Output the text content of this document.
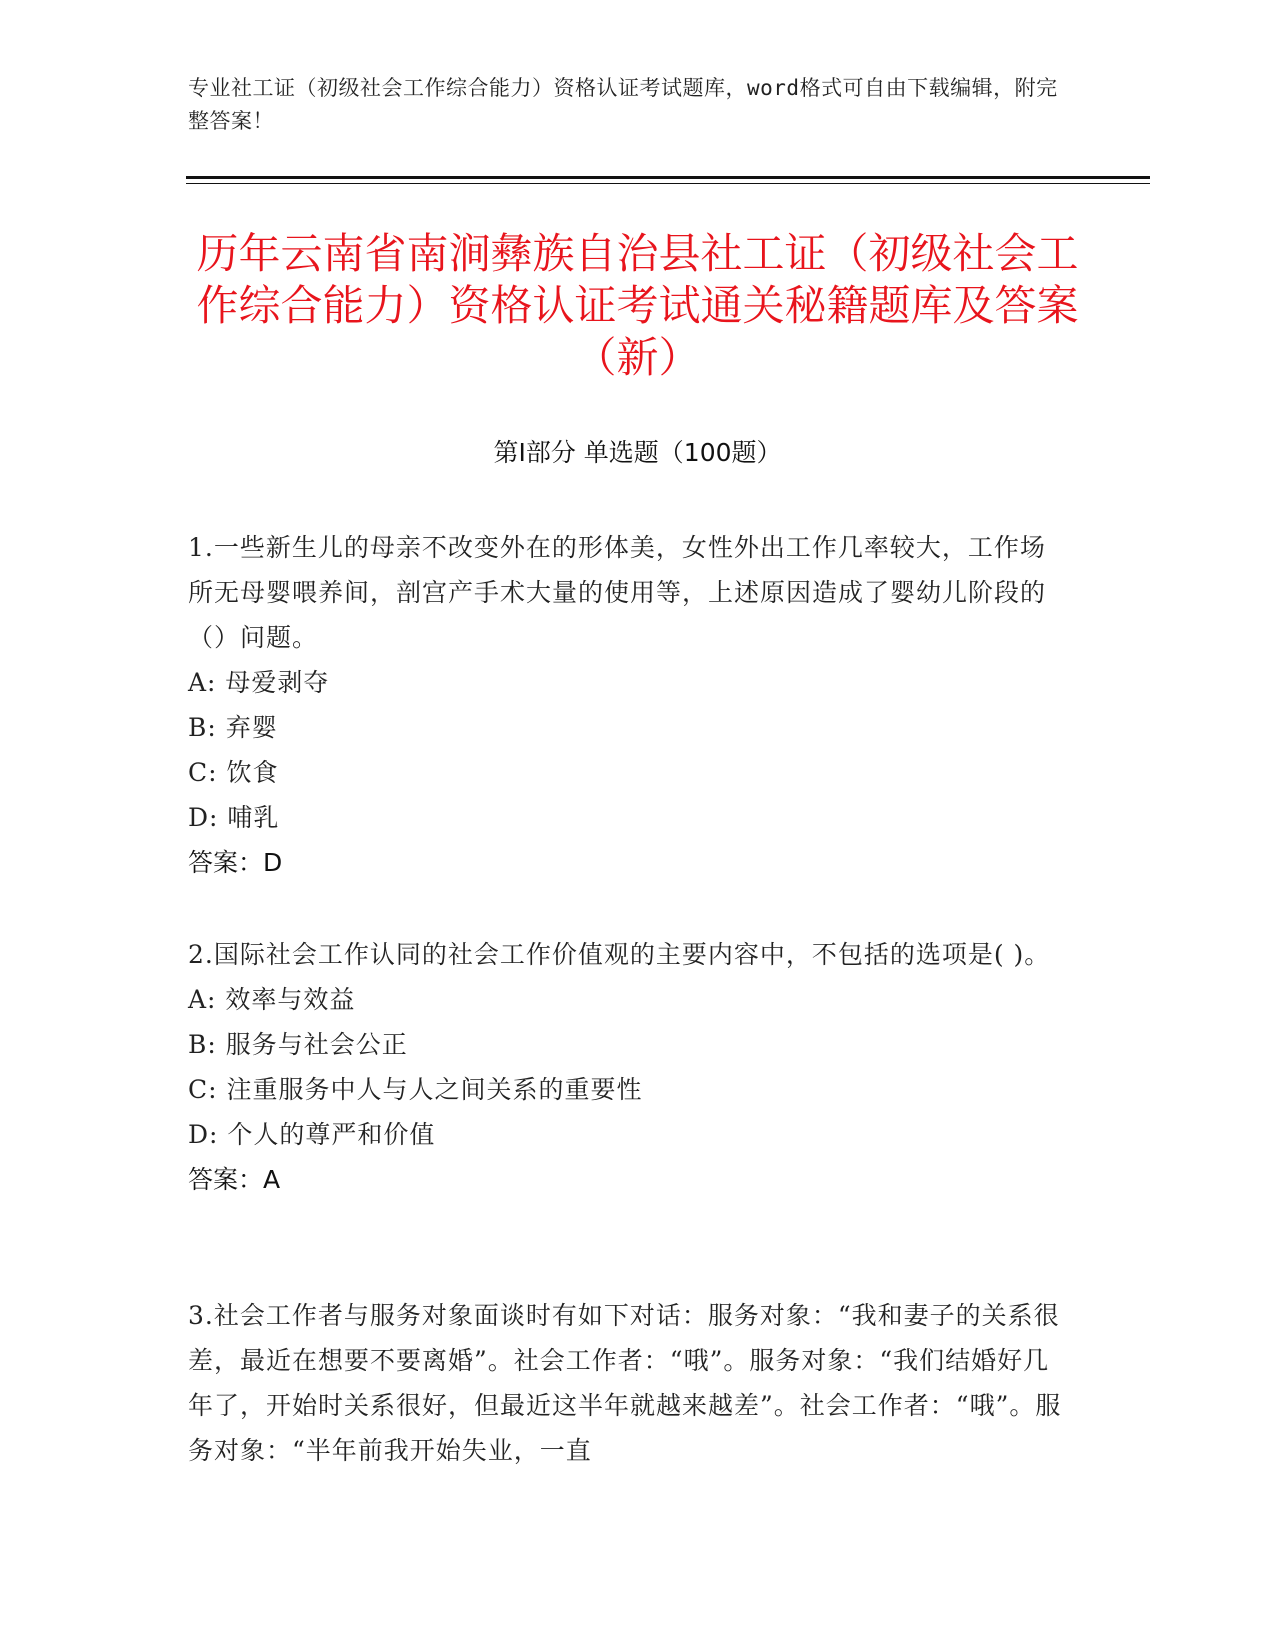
专业社工证（初级社会工作综合能力）资格认证考试题库，word格式可自由下载编辑，附完整答案！
历年云南省南涧彝族自治县社工证（初级社会工作综合能力）资格认证考试通关秘籍题库及答案（新）
第Ⅰ部分 单选题（100题）
1.一些新生儿的母亲不改变外在的形体美，女性外出工作几率较大，工作场所无母婴喂养间，剖宫产手术大量的使用等，上述原因造成了婴幼儿阶段的（）问题。
A: 母爱剥夺
B: 弃婴
C: 饮食
D: 哺乳
答案：D
2.国际社会工作认同的社会工作价值观的主要内容中，不包括的选项是( )。
A: 效率与效益
B: 服务与社会公正
C: 注重服务中人与人之间关系的重要性
D: 个人的尊严和价值
答案：A
3.社会工作者与服务对象面谈时有如下对话：服务对象：“我和妻子的关系很差，最近在想要不要离婚”。社会工作者：“哦”。服务对象：“我们结婚好几年了，开始时关系很好，但最近这半年就越来越差”。社会工作者：“哦”。服务对象：“半年前我开始失业，一直
